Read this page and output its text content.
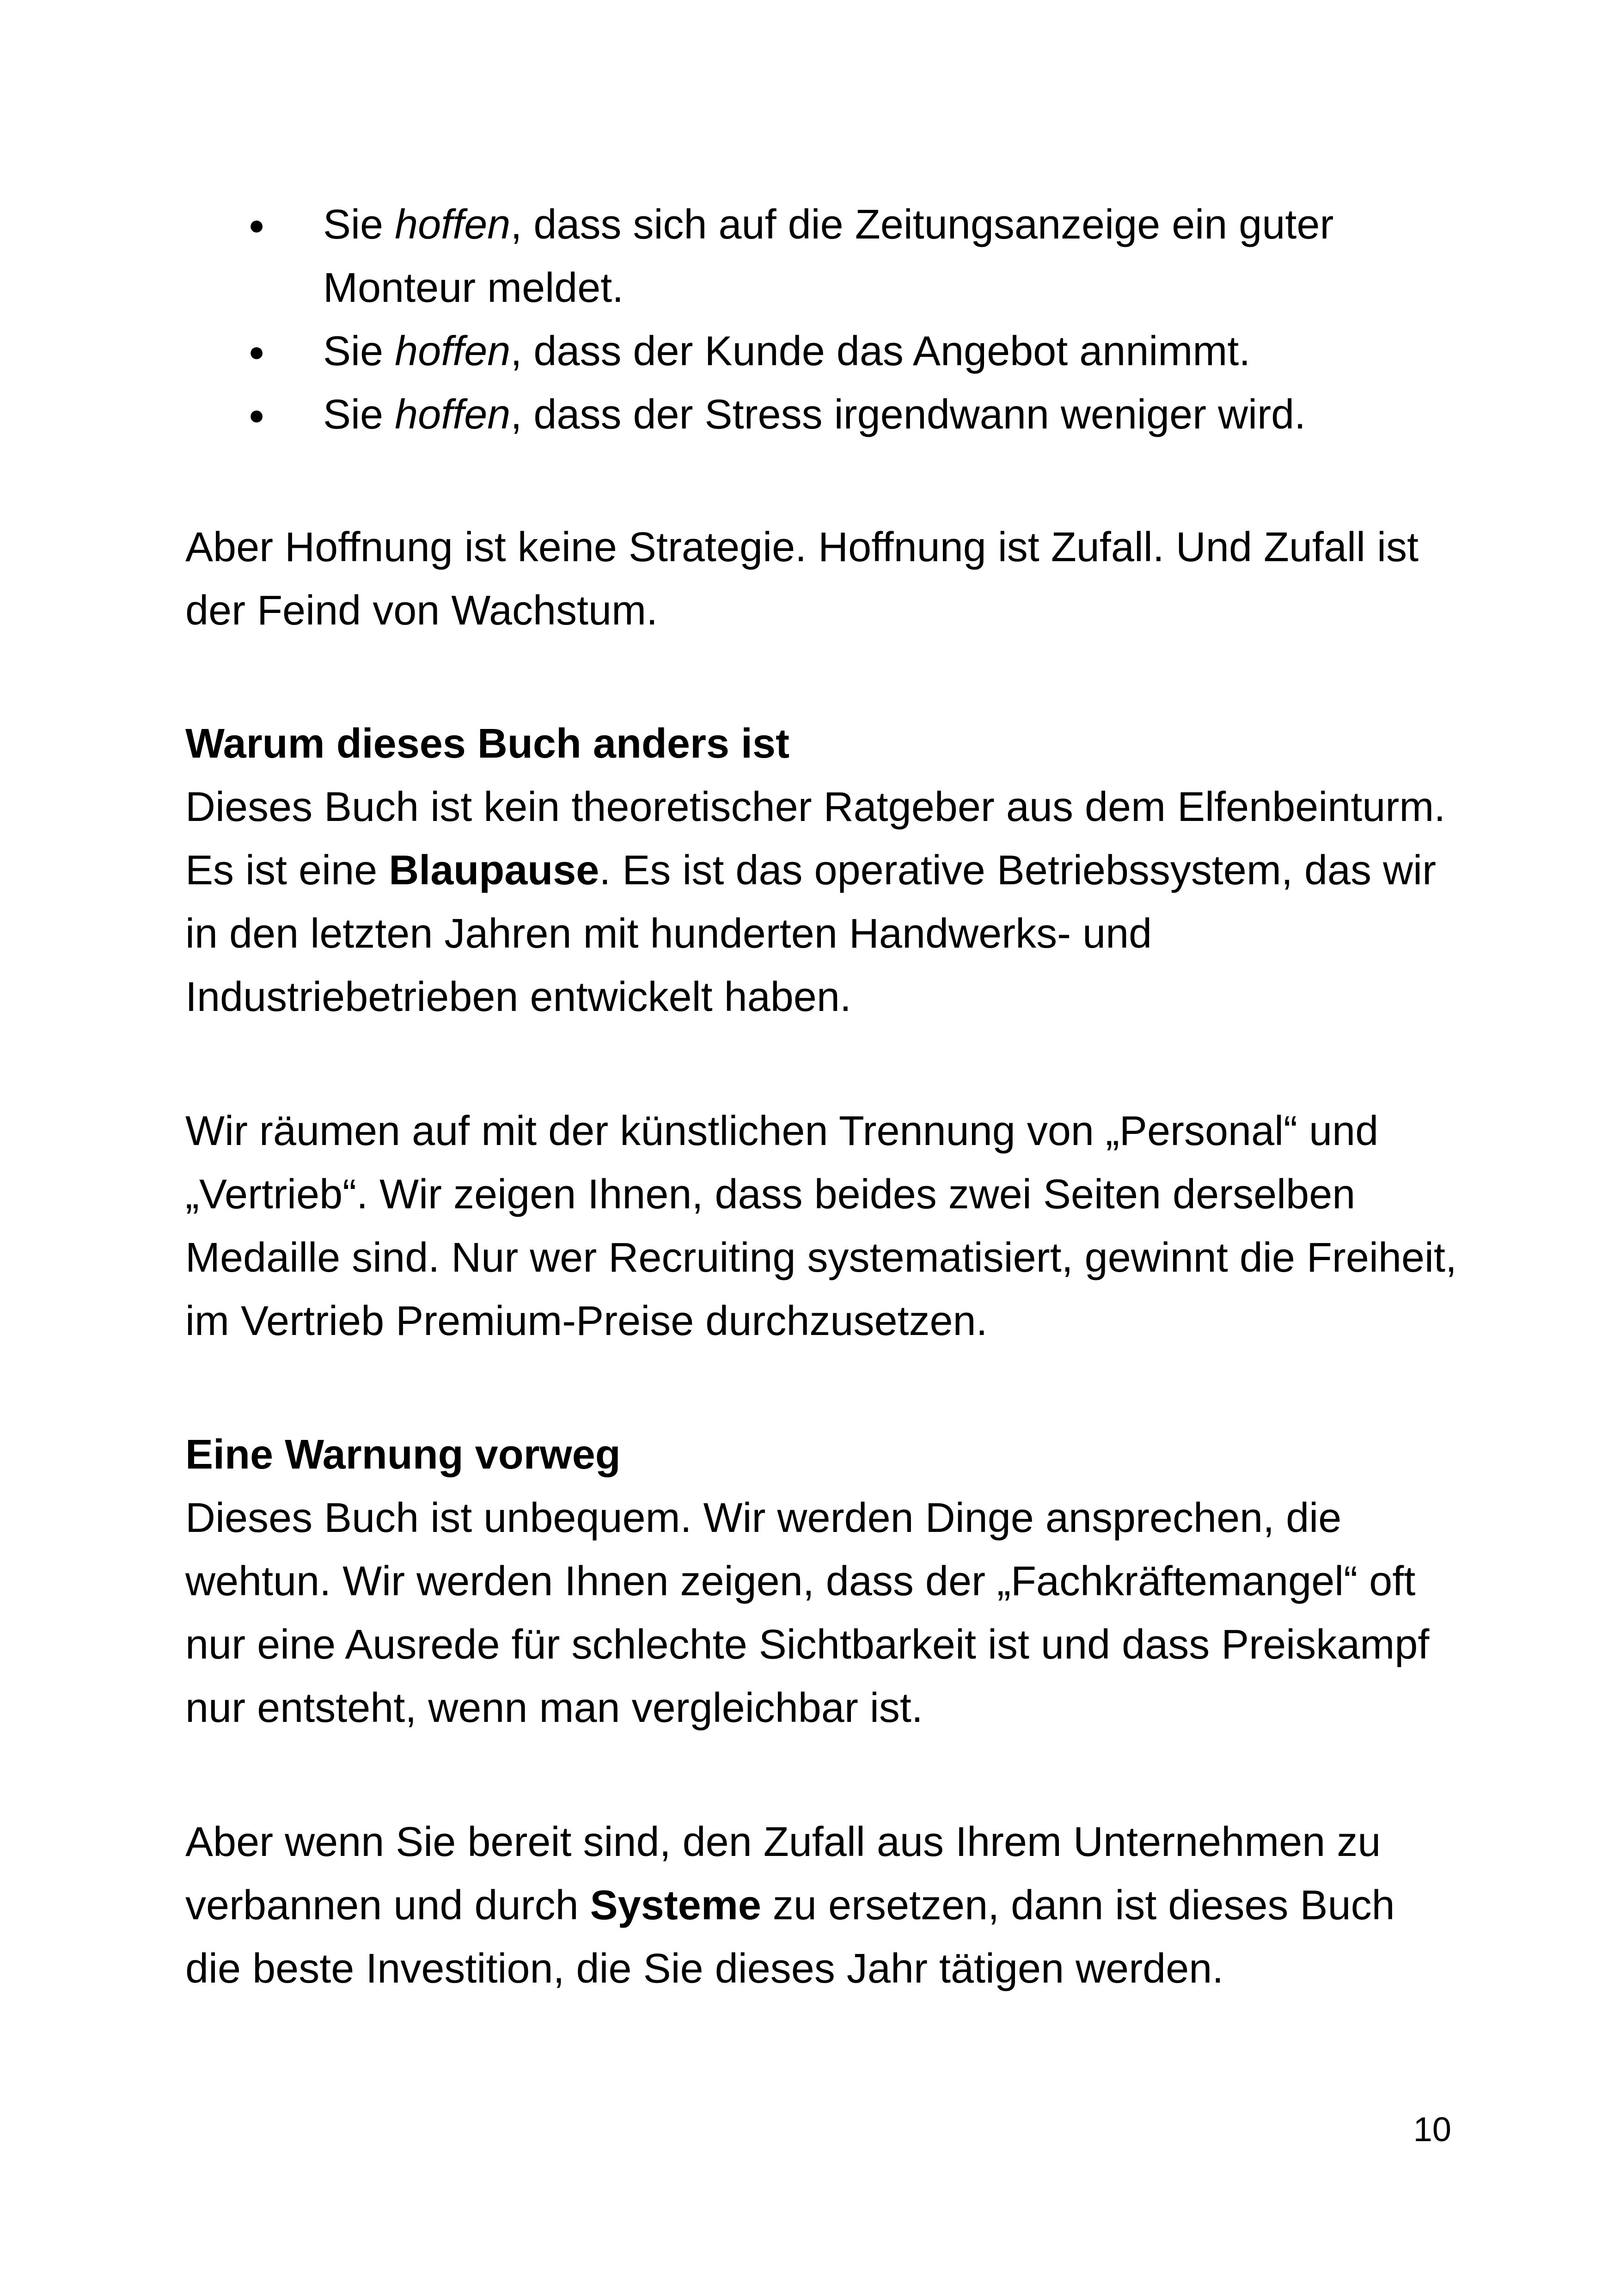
● Sie hoffen, dass sich auf die Zeitungsanzeige ein guter Monteur meldet.
● Sie hoffen, dass der Kunde das Angebot annimmt.
● Sie hoffen, dass der Stress irgendwann weniger wird.

Aber Hoffnung ist keine Strategie. Hoffnung ist Zufall. Und Zufall ist der Feind von Wachstum.

Warum dieses Buch anders ist

Dieses Buch ist kein theoretischer Ratgeber aus dem Elfenbeinturm. Es ist eine Blaupause. Es ist das operative Betriebssystem, das wir in den letzten Jahren mit hunderten Handwerks- und Industriebetrieben entwickelt haben.

Wir räumen auf mit der künstlichen Trennung von „Personal“ und „Vertrieb“. Wir zeigen Ihnen, dass beides zwei Seiten derselben Medaille sind. Nur wer Recruiting systematisiert, gewinnt die Freiheit, im Vertrieb Premium-Preise durchzusetzen.

Eine Warnung vorweg

Dieses Buch ist unbequem. Wir werden Dinge ansprechen, die wehtun. Wir werden Ihnen zeigen, dass der „Fachkräftemangel“ oft nur eine Ausrede für schlechte Sichtbarkeit ist und dass Preiskampf nur entsteht, wenn man vergleichbar ist.

Aber wenn Sie bereit sind, den Zufall aus Ihrem Unternehmen zu verbannen und durch Systeme zu ersetzen, dann ist dieses Buch die beste Investition, die Sie dieses Jahr tätigen werden.

10
